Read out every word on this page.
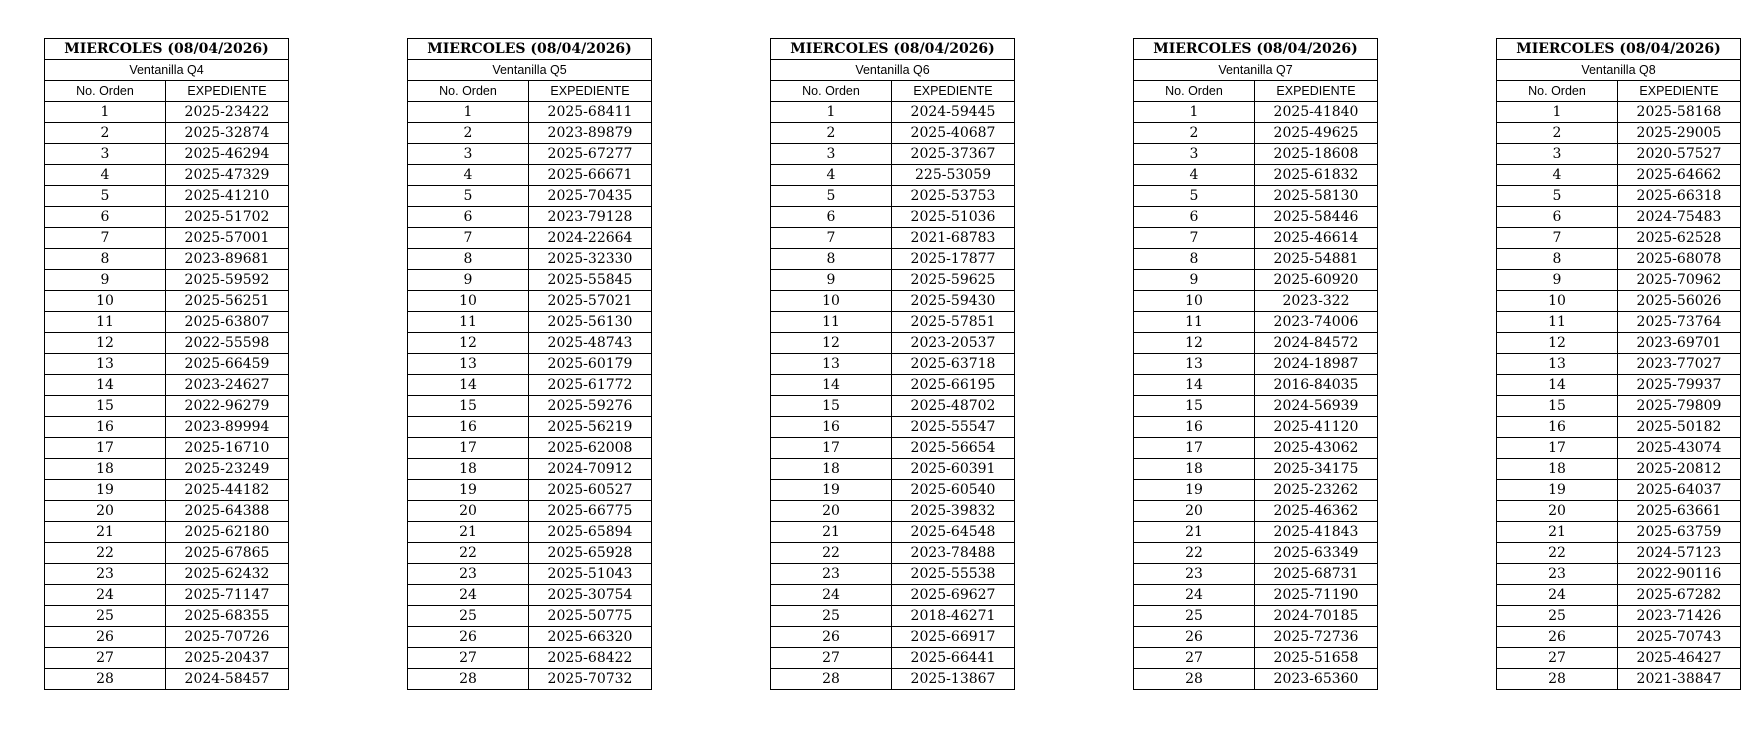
MIERCOLES (08/04/2026)	
Ventanilla Q4	
No. Orden	EXPEDIENTE
1	2025-23422
2	2025-32874
3	2025-46294
4	2025-47329
5	2025-41210
6	2025-51702
7	2025-57001
8	2023-89681
9	2025-59592
10	2025-56251
11	2025-63807
12	2022-55598
13	2025-66459
14	2023-24627
15	2022-96279
16	2023-89994
17	2025-16710
18	2025-23249
19	2025-44182
20	2025-64388
21	2025-62180
22	2025-67865
23	2025-62432
24	2025-71147
25	2025-68355
26	2025-70726
27	2025-20437
28	2024-58457
MIERCOLES (08/04/2026)	
Ventanilla Q5	
No. Orden	EXPEDIENTE
1	2025-68411
2	2023-89879
3	2025-67277
4	2025-66671
5	2025-70435
6	2023-79128
7	2024-22664
8	2025-32330
9	2025-55845
10	2025-57021
11	2025-56130
12	2025-48743
13	2025-60179
14	2025-61772
15	2025-59276
16	2025-56219
17	2025-62008
18	2024-70912
19	2025-60527
20	2025-66775
21	2025-65894
22	2025-65928
23	2025-51043
24	2025-30754
25	2025-50775
26	2025-66320
27	2025-68422
28	2025-70732
MIERCOLES (08/04/2026)	
Ventanilla Q6	
No. Orden	EXPEDIENTE
1	2024-59445
2	2025-40687
3	2025-37367
4	225-53059
5	2025-53753
6	2025-51036
7	2021-68783
8	2025-17877
9	2025-59625
10	2025-59430
11	2025-57851
12	2023-20537
13	2025-63718
14	2025-66195
15	2025-48702
16	2025-55547
17	2025-56654
18	2025-60391
19	2025-60540
20	2025-39832
21	2025-64548
22	2023-78488
23	2025-55538
24	2025-69627
25	2018-46271
26	2025-66917
27	2025-66441
28	2025-13867
MIERCOLES (08/04/2026)	
Ventanilla Q7	
No. Orden	EXPEDIENTE
1	2025-41840
2	2025-49625
3	2025-18608
4	2025-61832
5	2025-58130
6	2025-58446
7	2025-46614
8	2025-54881
9	2025-60920
10	2023-322
11	2023-74006
12	2024-84572
13	2024-18987
14	2016-84035
15	2024-56939
16	2025-41120
17	2025-43062
18	2025-34175
19	2025-23262
20	2025-46362
21	2025-41843
22	2025-63349
23	2025-68731
24	2025-71190
25	2024-70185
26	2025-72736
27	2025-51658
28	2023-65360
MIERCOLES (08/04/2026)	
Ventanilla Q8	
No. Orden	EXPEDIENTE
1	2025-58168
2	2025-29005
3	2020-57527
4	2025-64662
5	2025-66318
6	2024-75483
7	2025-62528
8	2025-68078
9	2025-70962
10	2025-56026
11	2025-73764
12	2023-69701
13	2023-77027
14	2025-79937
15	2025-79809
16	2025-50182
17	2025-43074
18	2025-20812
19	2025-64037
20	2025-63661
21	2025-63759
22	2024-57123
23	2022-90116
24	2025-67282
25	2023-71426
26	2025-70743
27	2025-46427
28	2021-38847
